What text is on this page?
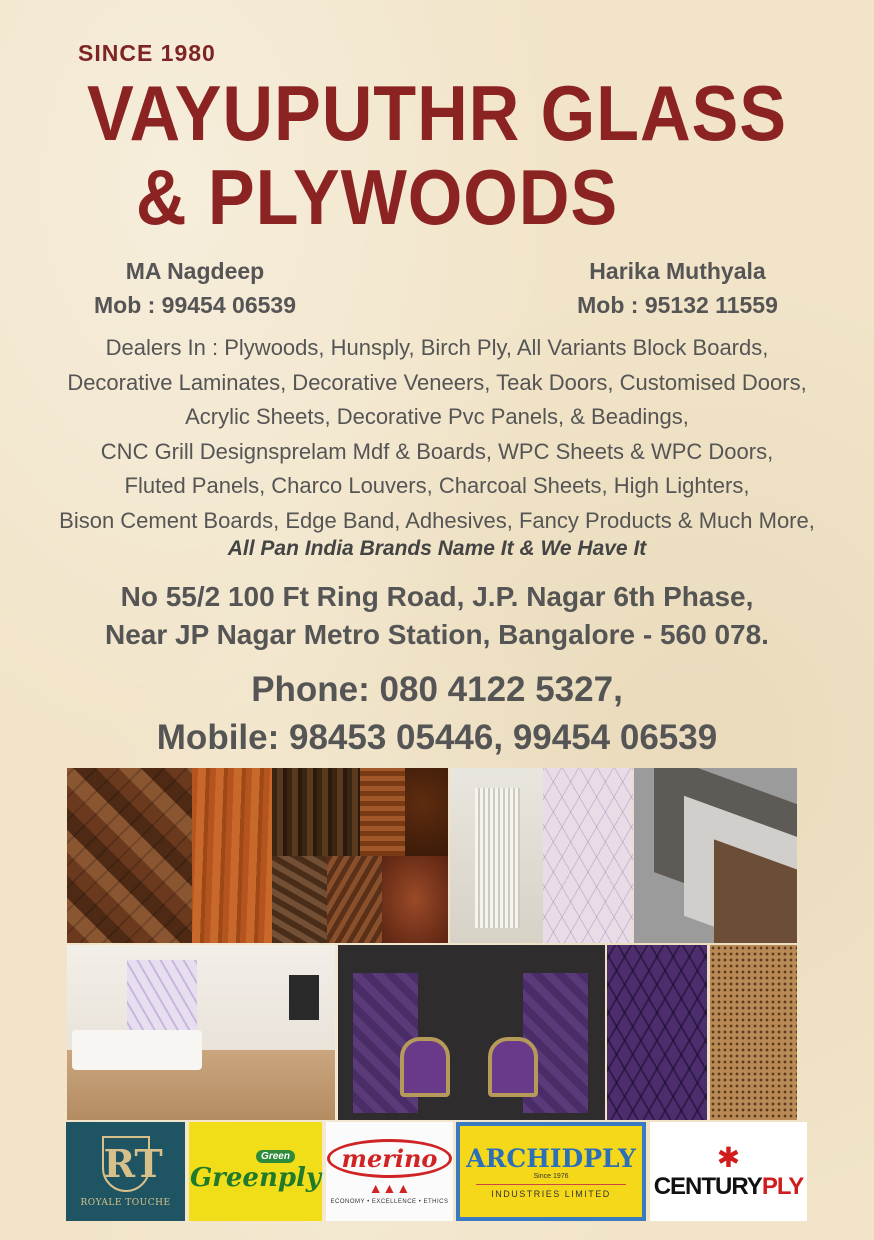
SINCE 1980
VAYUPUTHR GLASS
& PLYWOODS
MA Nagdeep
Mob : 99454 06539
Harika Muthyala
Mob : 95132 11559
Dealers In : Plywoods, Hunsply, Birch Ply, All Variants Block Boards,
Decorative Laminates, Decorative Veneers, Teak Doors, Customised Doors,
Acrylic Sheets, Decorative Pvc Panels, & Beadings,
CNC Grill Designsprelam Mdf & Boards, WPC Sheets & WPC Doors,
Fluted Panels, Charco Louvers, Charcoal Sheets, High Lighters,
Bison Cement Boards, Edge Band, Adhesives, Fancy Products & Much More,
All Pan India Brands Name It & We Have It
No 55/2 100 Ft Ring Road, J.P. Nagar 6th Phase,
Near JP Nagar Metro Station, Bangalore - 560 078.
Phone: 080 4122 5327,
Mobile: 98453 05446, 99454 06539
RT
ROYALE TOUCHE
Green
Greenply
merino
▲▲▲
ECONOMY • EXCELLENCE • ETHICS
ARCHIDPLY
Since 1976
INDUSTRIES LIMITED
✱
CENTURYPLY
